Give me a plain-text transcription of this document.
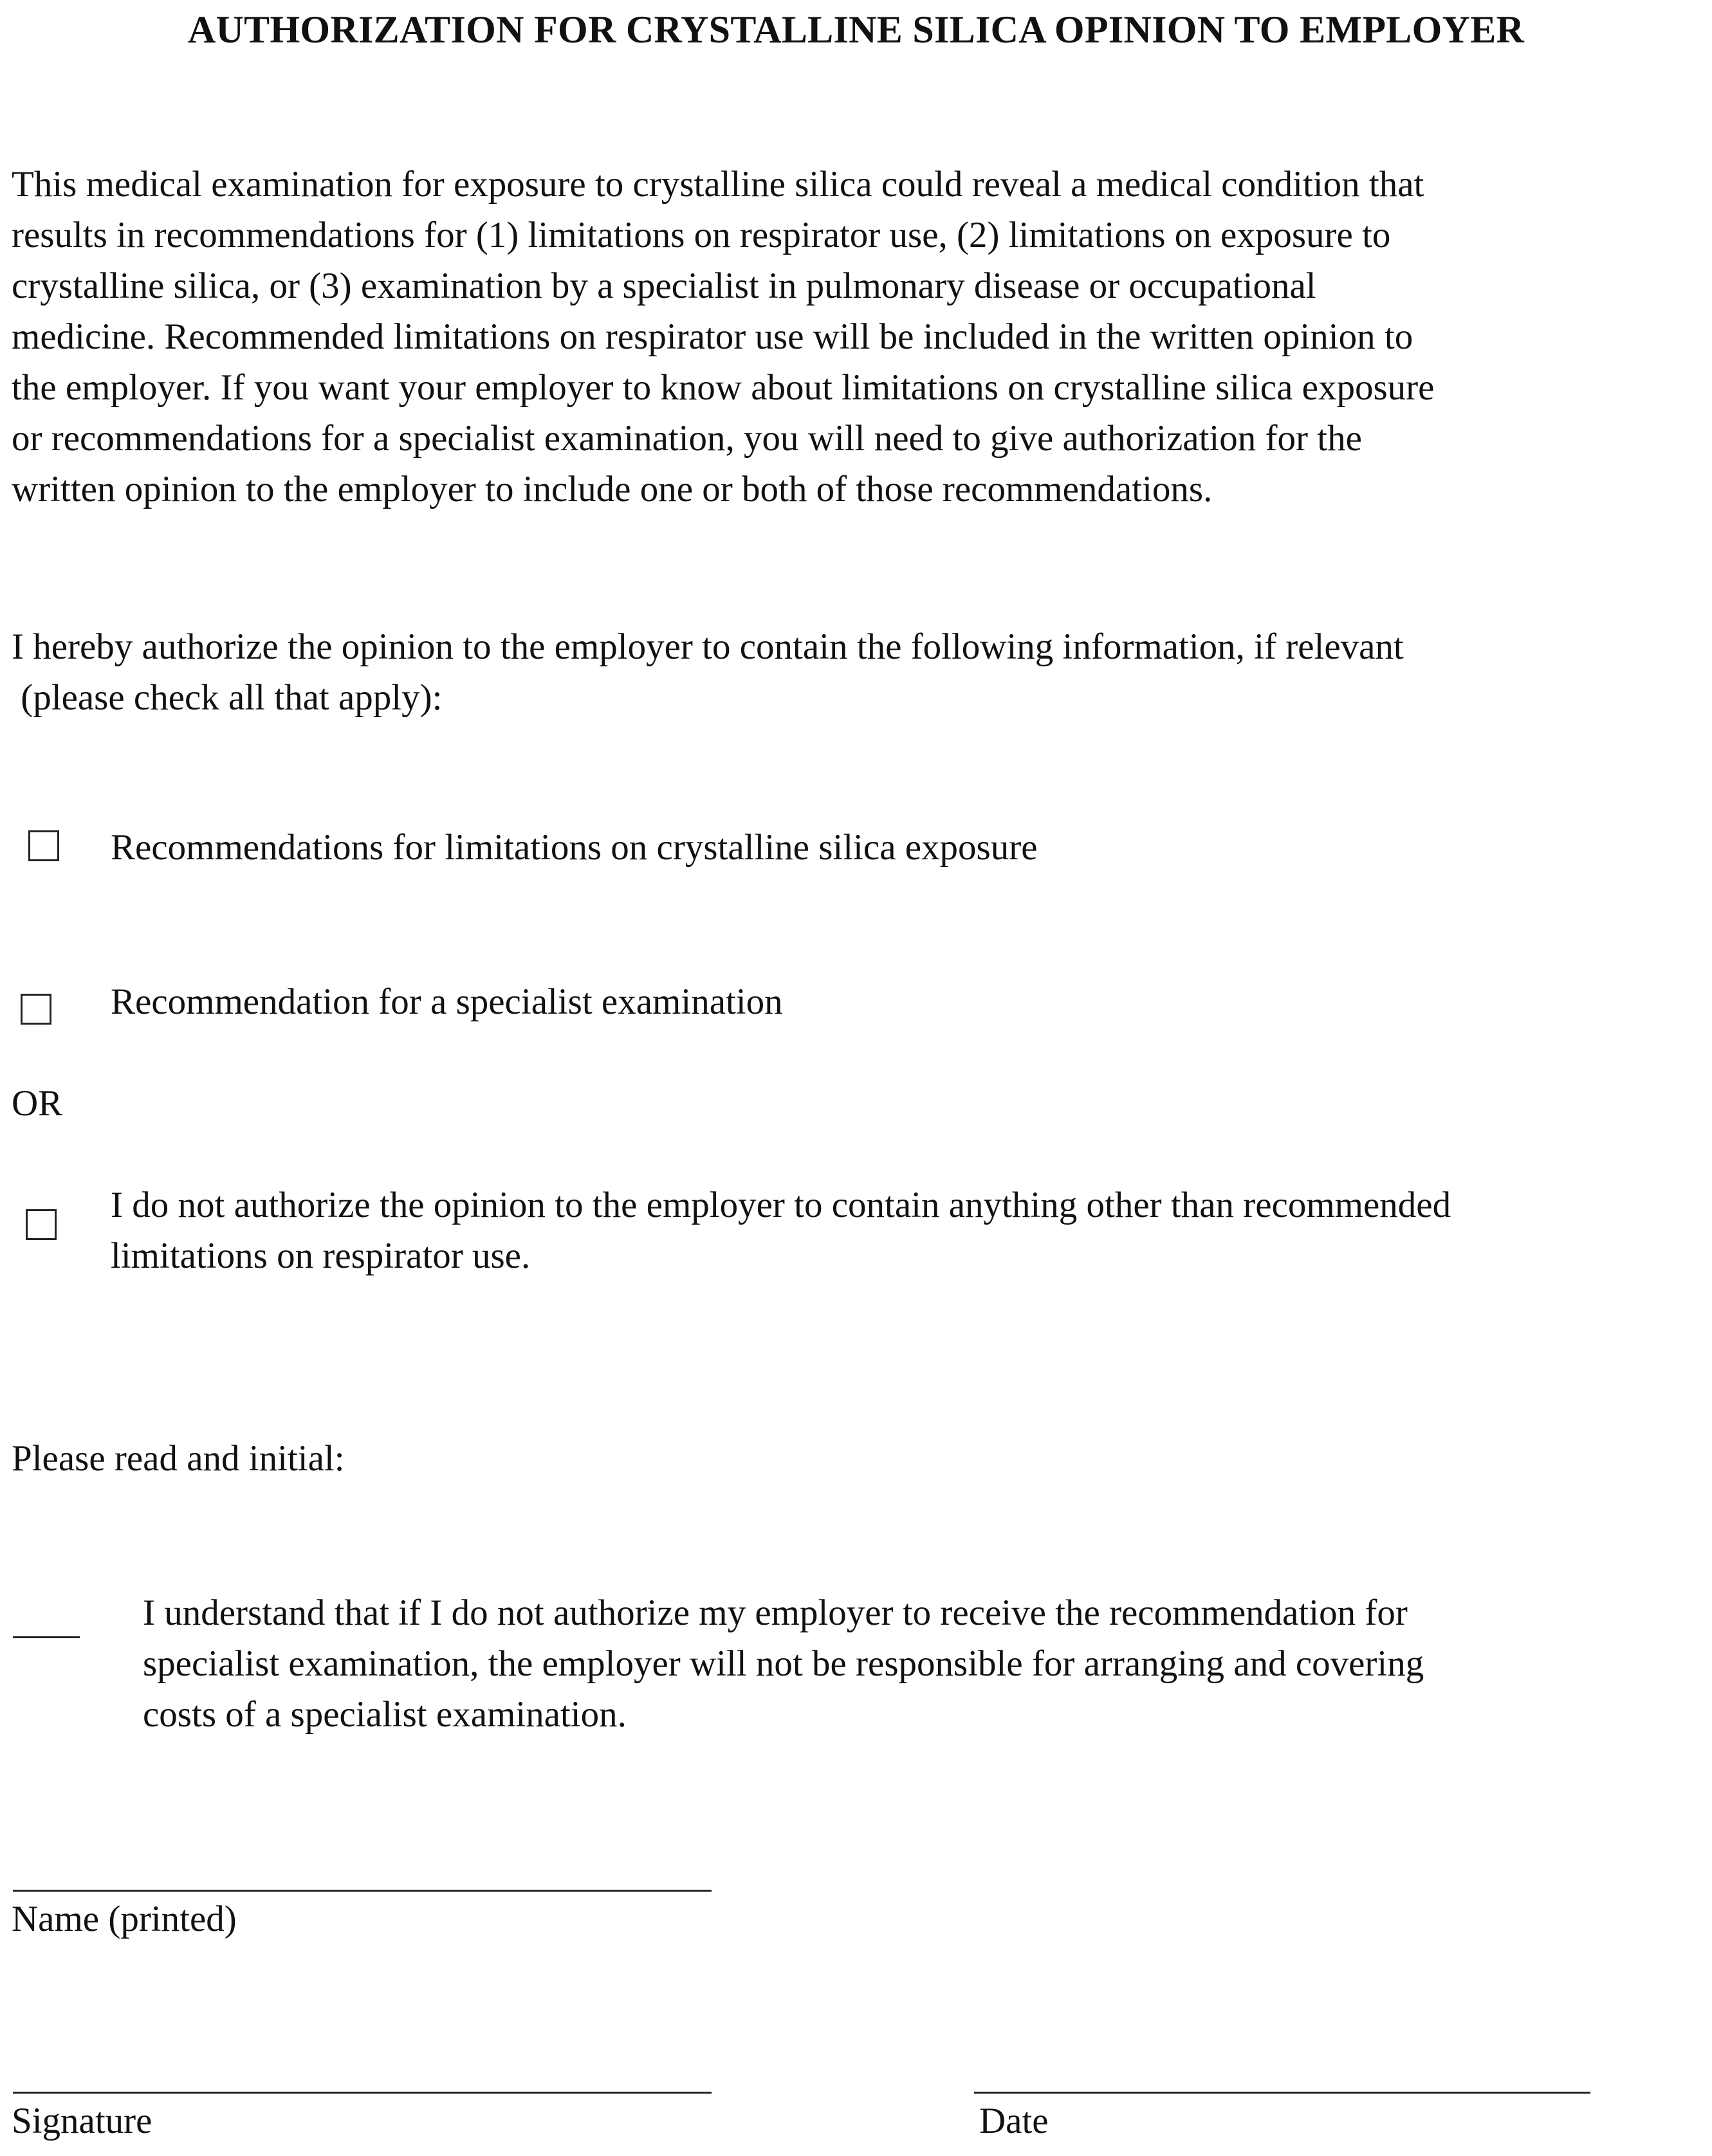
AUTHORIZATION FOR CRYSTALLINE SILICA OPINION TO EMPLOYER
This medical examination for exposure to crystalline silica could reveal a medical condition that
results in recommendations for (1) limitations on respirator use, (2) limitations on exposure to
crystalline silica, or (3) examination by a specialist in pulmonary disease or occupational
medicine. Recommended limitations on respirator use will be included in the written opinion to
the employer. If you want your employer to know about limitations on crystalline silica exposure
or recommendations for a specialist examination, you will need to give authorization for the
written opinion to the employer to include one or both of those recommendations.
I hereby authorize the opinion to the employer to contain the following information, if relevant
(please check all that apply):
Recommendations for limitations on crystalline silica exposure
Recommendation for a specialist examination
OR
I do not authorize the opinion to the employer to contain anything other than recommended
limitations on respirator use.
Please read and initial:
I understand that if I do not authorize my employer to receive the recommendation for
specialist examination, the employer will not be responsible for arranging and covering
costs of a specialist examination.
Name (printed)
Signature	Date
